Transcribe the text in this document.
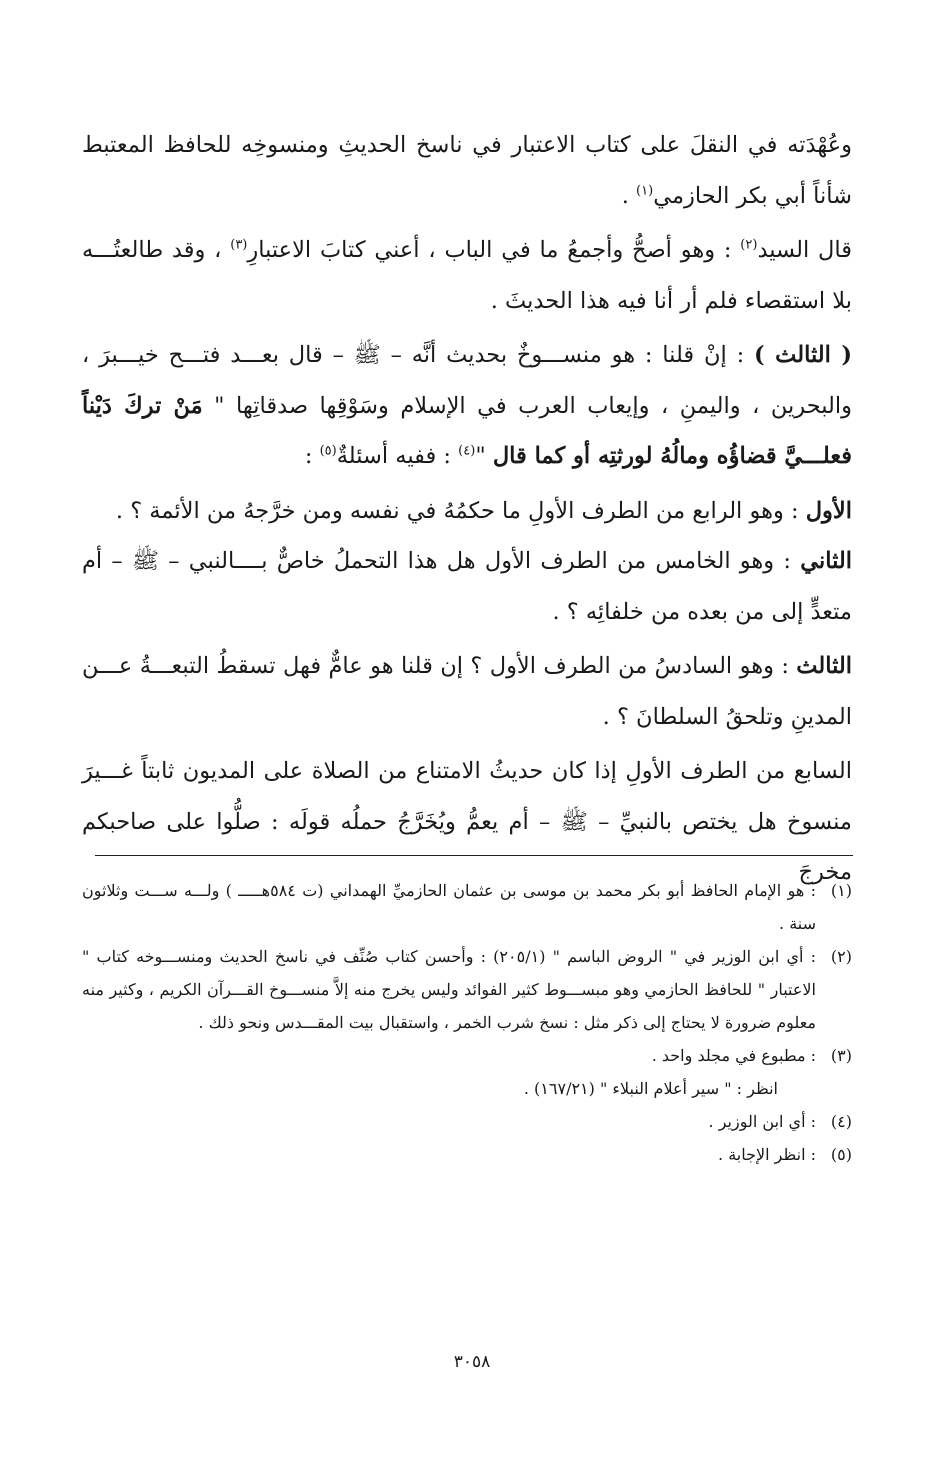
وعُهْدَته في النقلَ على كتاب الاعتبار في ناسخ الحديثِ ومنسوخِه للحافظ المعتبط شأناً أبي بكر الحازمي$^{(١)}$ .

قال السيد$^{(٢)}$ : وهو أصحُّ وأجمعُ ما في الباب ، أعني كتابَ الاعتبارِ$^{(٣)}$ ، وقد طالعتُـــه بلا استقصاء فلم أر أنا فيه هذا الحديثَ .

( الثالث ) : إنْ قلنا : هو منســـوخٌ بحديث أنَّه – ﷺ – قال بعـــد فتـــح خيـــبرَ ، والبحرين ، واليمنِ ، وإيعاب العرب في الإسلام وسَوْقِها صدقاتِها " مَنْ تركَ دَيْناً فعلـــيَّ قضاؤُه ومالُهُ لورثتِه أو كما قال "$^{(٤)}$ : ففيه أسئلةٌ$^{(٥)}$ :

الأول : وهو الرابع من الطرف الأولِ ما حكمُهُ في نفسه ومن خرَّجهُ من الأئمة ؟ .

الثاني : وهو الخامس من الطرف الأول هل هذا التحملُ خاصٌّ بــــالنبي – ﷺ – أم متعدٍّ إلى من بعده من خلفائِه ؟ .

الثالث : وهو السادسُ من الطرف الأول ؟ إن قلنا هو عامٌّ فهل تسقطُ التبعـــةُ عـــن المدينِ وتلحقُ السلطانَ ؟ .

السابع من الطرف الأولِ إذا كان حديثُ الامتناع من الصلاة على المديون ثابتاً غـــيرَ منسوخ هل يختص بالنبيِّ – ﷺ – أم يعمُّ ويُخَرَّجُ حملُه قولَه : صلُّوا على صاحبكم مخرجَ

(١)
: هو الإمام الحافظ أبو بكر محمد بن موسى بن عثمان الحازميِّ الهمداني (ت ٥٨٤هـــــ ) ولـــه ســـت وثلاثون سنة .

(٢)
: أي ابن الوزير في " الروض الباسم " (٢٠٥/١) : وأحسن كتاب صُنِّف في ناسخ الحديث ومنســـوخه كتاب " الاعتبار " للحافظ الحازمي وهو مبســـوط كثير الفوائد وليس يخرج منه إلاَّ منســـوخ القـــرآن الكريم ، وكثير منه معلوم ضرورة لا يحتاج إلى ذكر مثل : نسخ شرب الخمر ، واستقبال بيت المقـــدس ونحو ذلك .

(٣)
: مطبوع في مجلد واحد .

انظر : " سير أعلام النبلاء " (١٦٧/٢١) .

(٤)
: أي ابن الوزير .

(٥)
: انظر الإجابة .

٣٠٥٨
